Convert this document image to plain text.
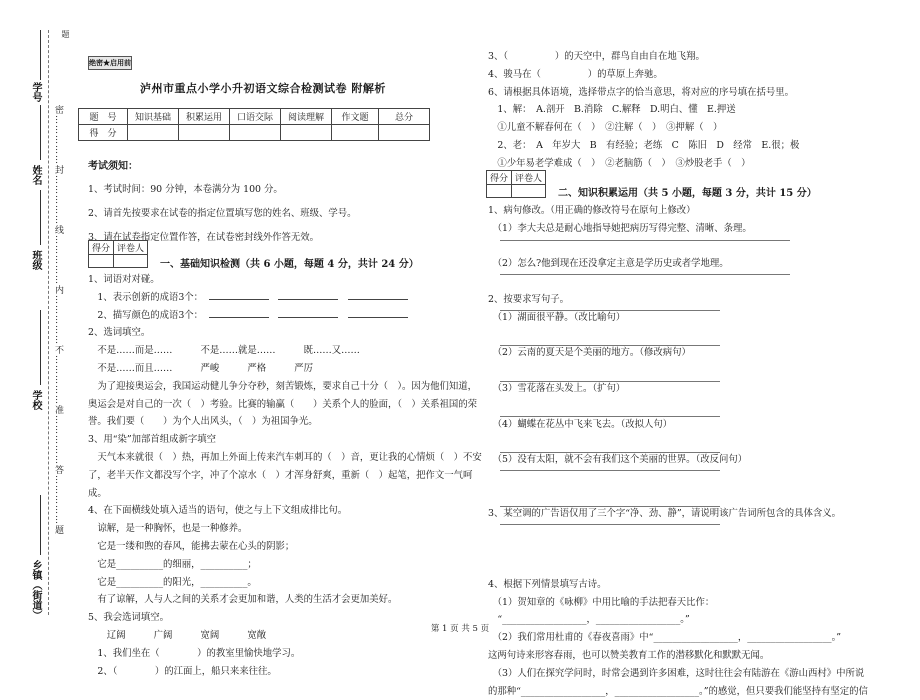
密……………封……………线……………内……………不……………准……………答……………题
题
学号
姓名
班级
学校
乡镇（街道）
绝密★启用前
泸州市重点小学小升初语文综合检测试卷 附解析
题　号	知识基础	积累运用	口语交际	阅读理解	作文题	总分
得　分						
考试须知：

1、考试时间：90 分钟，本卷满分为 100 分。

2、请首先按要求在试卷的指定位置填写您的姓名、班级、学号。

3、请在试卷指定位置作答，在试卷密封线外作答无效。

得分	评卷人

一、基础知识检测（共 6 小题，每题 4 分，共计 24 分）

1、词语对对碰。

　1、表示创新的成语3个：　　

　2、描写颜色的成语3个：　　

2、选词填空。

　不是……而是……　　　不是……就是……　　　既……又……

　不是……而且……　　　严峻　　　严格　　　严厉

　为了迎接奥运会，我国运动健儿争分夺秒，刻苦锻炼，要求自己十分（　）。因为他们知道，

奥运会是对自己的一次（　）考验。比赛的输赢（　　）关系个人的脸面，（　）关系祖国的荣

誉。我们要（　　）为个人出风头，（　）为祖国争光。

3、用“染”加部首组成新字填空

　天气本来就很（　）热，再加上外面上传来汽车刺耳的（　）音，更让我的心情烦（　）不安

了，老半天作文都没写个字，冲了个凉水（　）才浑身舒爽，重新（　）起笔，把作文一气呵

成。

4、在下面横线处填入适当的语句，使之与上下文组成排比句。

　谅解，是一种胸怀，也是一种修养。

　它是一缕和煦的春风，能拂去蒙在心头的阴影；

　它是__________的细丽，__________；

　它是__________的阳光，__________。

　有了谅解，人与人之间的关系才会更加和谐，人类的生活才会更加美好。

5、我会选词填空。

　　辽阔　　　广阔　　　宽阔　　　宽敞

　1、我们坐在（　　　　）的教室里愉快地学习。

　2、（　　　　）的江面上，船只来来往往。

3、（　　　　　）的天空中，群鸟自由自在地飞翔。

4、骏马在（　　　　　）的草原上奔驰。

6、请根据具体语境，选择带点字的恰当意思，将对应的序号填在括号里。

　1、解：　A.剖开　B.消除　C.解释　D.明白、懂　E.押送

　①儿童不解春何在（　）　②注解（　）　③押解（　）

　2、老：　A　年岁大　B　有经验；老练　C　陈旧　D　经常　E.很；极

　①少年易老学难成（　）　②老脑筋（　）　③炒股老手（　）

得分	评卷人

二、知识积累运用（共 5 小题，每题 3 分，共计 15 分）

1、病句修改。（用正确的修改符号在原句上修改）

　（1）李大夫总是耐心地指导她把病历写得完整、清晰、条理。

　（2）怎么?他到现在还没拿定主意是学历史或者学地理。

2、按要求写句子。

　（1）湖面很平静。（改比喻句）

　（2）云南的夏天是个美丽的地方。（修改病句）

　（3）雪花落在头发上。（扩句）

　（4）蝴蝶在花丛中飞来飞去。（改拟人句）

　（5）没有太阳，就不会有我们这个美丽的世界。（改反问句）

3、某空调的广告语仅用了三个字“净、劲、静”，请说明该广告词所包含的具体含义。

4、根据下列情景填写古诗。

　（1）贺知章的《咏柳》中用比喻的手法把春天比作：

　“__________________，__________________。”

　（2）我们常用杜甫的《春夜喜雨》中“__________________，__________________。”

这两句诗来形容春雨，也可以赞美教育工作的潜移默化和默默无闻。

　（3）人们在探究学问时，时常会遇到许多困难，这时往往会有陆游在《游山西村》中所说

的那种“__________________，__________________。”的感觉，但只要我们能坚持有坚定的信

第 1 页 共 5 页
